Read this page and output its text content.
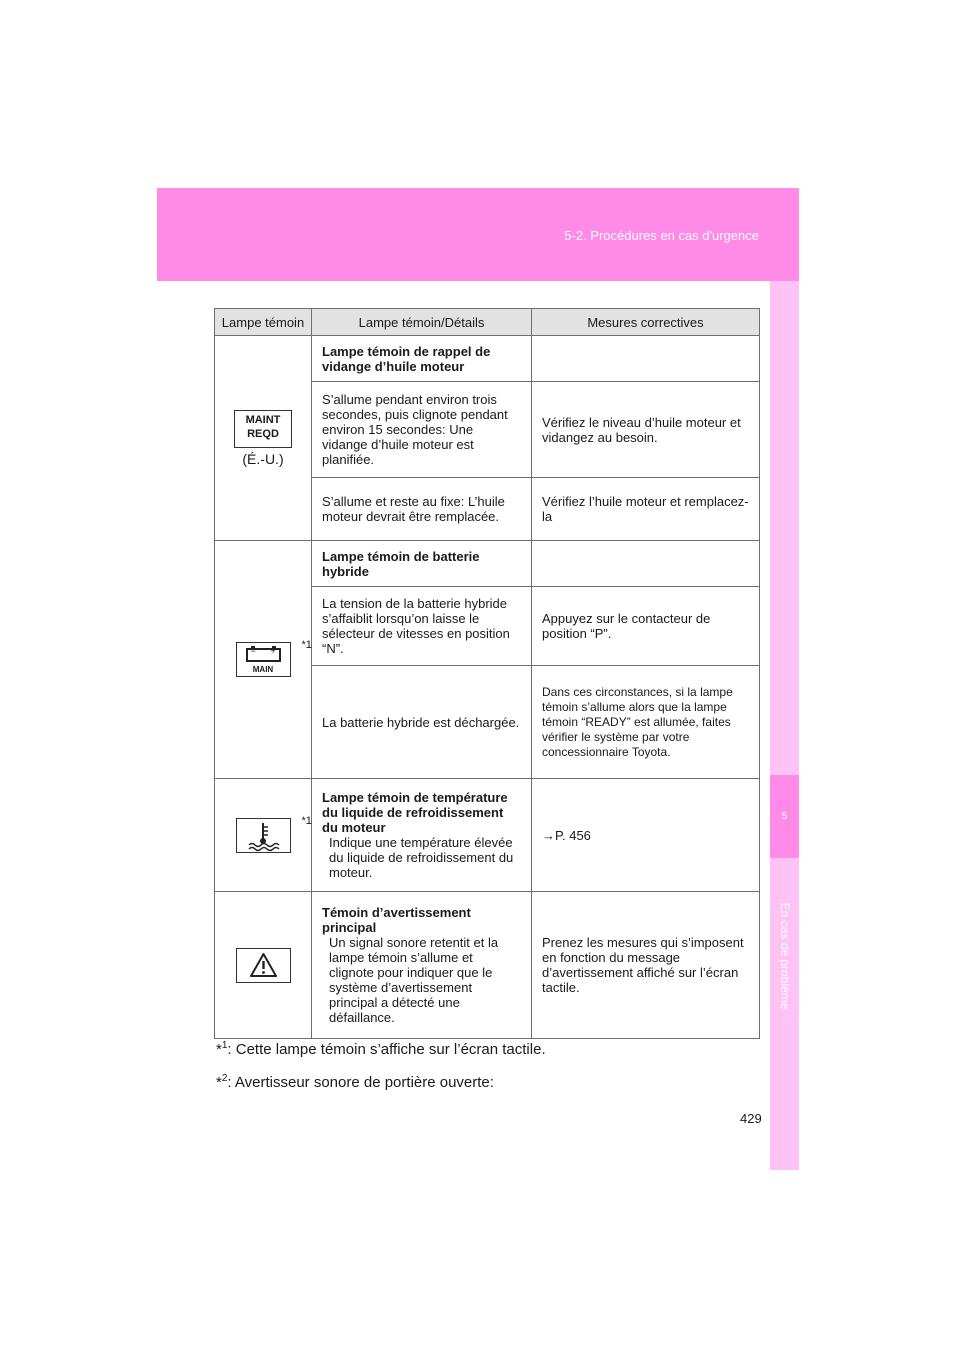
5-2. Procédures en cas d'urgence
5
En cas de problème
Lampe témoin	Lampe témoin/Détails	Mesures correctives

MAINT
REQD
(É.-U.)	Lampe témoin de rappel de vidange d’huile moteur	
	S’allume pendant environ trois secondes, puis clignote pendant environ 15 secondes: Une vidange d’huile moteur est planifiée.	Vérifiez le niveau d’huile moteur et vidangez au besoin.
	S’allume et reste au fixe: L’huile moteur devrait être remplacée.	Vérifiez l’huile moteur et remplacez-la

− +
MAIN
*1	Lampe témoin de batterie hybride	
	La tension de la batterie hybride s’affaiblit lorsqu’on laisse le sélecteur de vitesses en position “N”.	Appuyez sur le contacteur de position “P”.
	La batterie hybride est déchargée.	Dans ces circonstances, si la lampe témoin s’allume alors que la lampe témoin “READY” est allumée, faites vérifier le système par votre concessionnaire Toyota.

*1	Lampe témoin de température du liquide de refroidissement du moteur
Indique une température élevée du liquide de refroidissement du moteur.	→P. 456

Témoin d’avertissement principal
Un signal sonore retentit et la lampe témoin s’allume et clignote pour indiquer que le système d’avertissement principal a détecté une défaillance.	Prenez les mesures qui s’imposent en fonction du message d’avertissement affiché sur l’écran tactile.
*$^1$: Cette lampe témoin s’affiche sur l’écran tactile.
*$^2$: Avertisseur sonore de portière ouverte:
429
